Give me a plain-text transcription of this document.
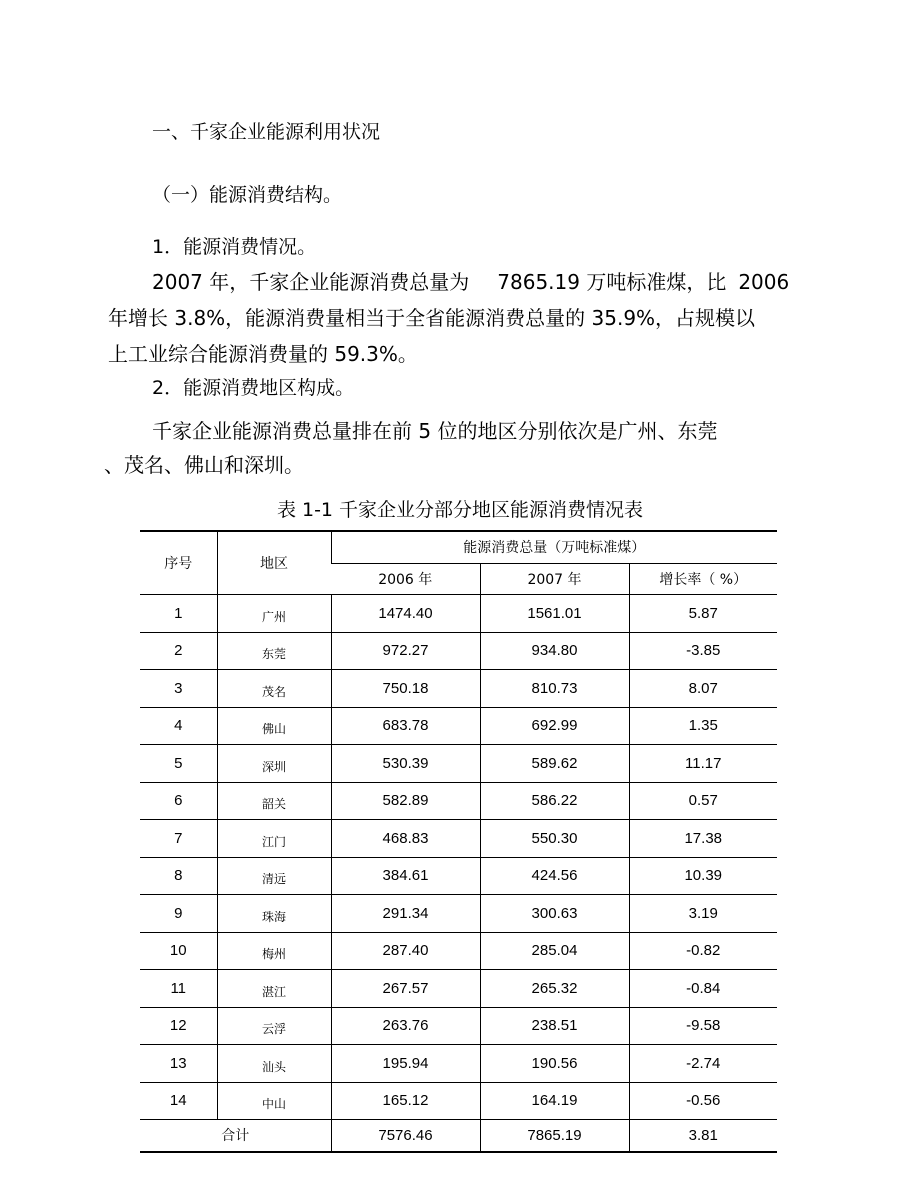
一、千家企业能源利用状况
（一）能源消费结构。
1．能源消费情况。
2007 年，千家企业能源消费总量为 7865.19 万吨标准煤，比 2006
年增长 3.8%，能源消费量相当于全省能源消费总量的 35.9%，占规模以
上工业综合能源消费量的 59.3%。
2．能源消费地区构成。
千家企业能源消费总量排在前 5 位的地区分别依次是广州、东莞
、茂名、佛山和深圳。
表 1-1 千家企业分部分地区能源消费情况表
序号	地区	能源消费总量（万吨标准煤）		
		2006 年	2007 年	增长率（ %）
1	广州	1474.40	1561.01	5.87
2	东莞	972.27	934.80	-3.85
3	茂名	750.18	810.73	8.07
4	佛山	683.78	692.99	1.35
5	深圳	530.39	589.62	11.17
6	韶关	582.89	586.22	0.57
7	江门	468.83	550.30	17.38
8	清远	384.61	424.56	10.39
9	珠海	291.34	300.63	3.19
10	梅州	287.40	285.04	-0.82
11	湛江	267.57	265.32	-0.84
12	云浮	263.76	238.51	-9.58
13	汕头	195.94	190.56	-2.74
14	中山	165.12	164.19	-0.56
合计		7576.46	7865.19	3.81
